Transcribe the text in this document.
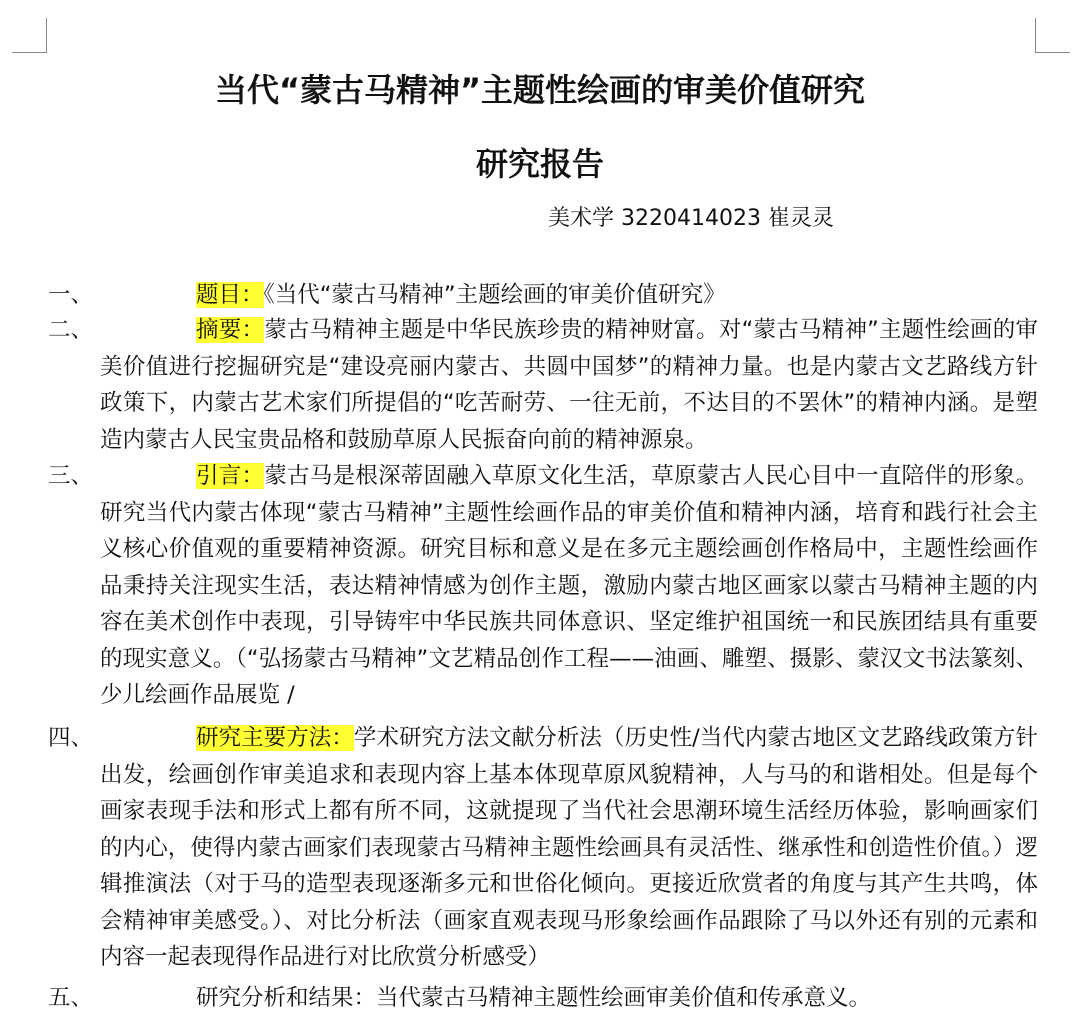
当代“蒙古马精神”主题性绘画的审美价值研究
研究报告
美术学 3220414023 崔灵灵
一、	题目：《当代“蒙古马精神”主题绘画的审美价值研究》
二、	摘要：蒙古马精神主题是中华民族珍贵的精神财富。对“蒙古马精神”主题性绘画的审美价值进行挖掘研究是“建设亮丽内蒙古、共圆中国梦”的精神力量。也是内蒙古文艺路线方针政策下，内蒙古艺术家们所提倡的“吃苦耐劳、一往无前，不达目的不罢休”的精神内涵。是塑造内蒙古人民宝贵品格和鼓励草原人民振奋向前的精神源泉。
三、	引言：蒙古马是根深蒂固融入草原文化生活，草原蒙古人民心目中一直陪伴的形象。研究当代内蒙古体现“蒙古马精神”主题性绘画作品的审美价值和精神内涵，培育和践行社会主义核心价值观的重要精神资源。研究目标和意义是在多元主题绘画创作格局中，主题性绘画作品秉持关注现实生活，表达精神情感为创作主题，激励内蒙古地区画家以蒙古马精神主题的内容在美术创作中表现，引导铸牢中华民族共同体意识、坚定维护祖国统一和民族团结具有重要的现实意义。（“弘扬蒙古马精神”文艺精品创作工程——油画、雕塑、摄影、蒙汉文书法篆刻、少儿绘画作品展览 /
四、	研究主要方法：学术研究方法文献分析法（历史性/当代内蒙古地区文艺路线政策方针出发，绘画创作审美追求和表现内容上基本体现草原风貌精神，人与马的和谐相处。但是每个画家表现手法和形式上都有所不同，这就提现了当代社会思潮环境生活经历体验，影响画家们的内心，使得内蒙古画家们表现蒙古马精神主题性绘画具有灵活性、继承性和创造性价值。）逻辑推演法（对于马的造型表现逐渐多元和世俗化倾向。更接近欣赏者的角度与其产生共鸣，体会精神审美感受。）、对比分析法（画家直观表现马形象绘画作品跟除了马以外还有别的元素和内容一起表现得作品进行对比欣赏分析感受）
五、	研究分析和结果：当代蒙古马精神主题性绘画审美价值和传承意义。
